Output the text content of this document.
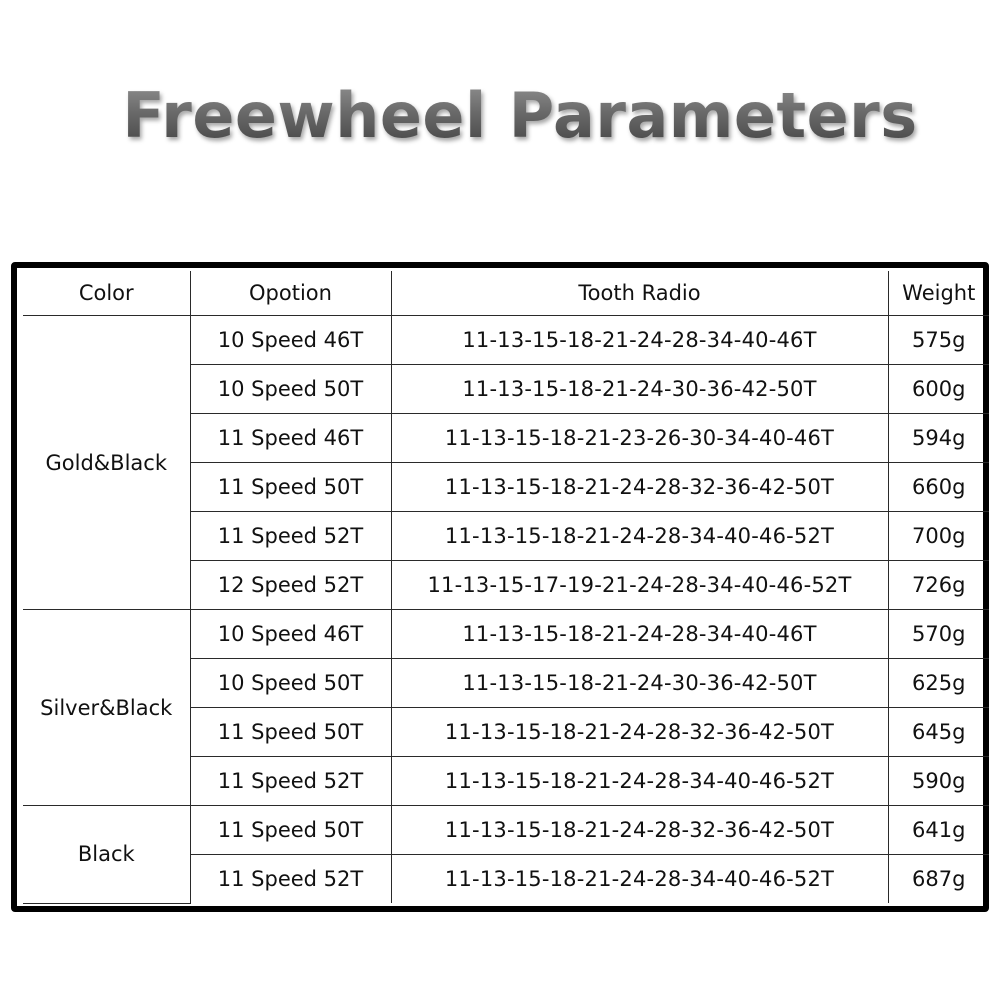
Freewheel Parameters
Color	Opotion	Tooth Radio	Weight
Gold&Black	10 Speed 46T	11-13-15-18-21-24-28-34-40-46T	575g
	10 Speed 50T	11-13-15-18-21-24-30-36-42-50T	600g
	11 Speed 46T	11-13-15-18-21-23-26-30-34-40-46T	594g
	11 Speed 50T	11-13-15-18-21-24-28-32-36-42-50T	660g
	11 Speed 52T	11-13-15-18-21-24-28-34-40-46-52T	700g
	12 Speed 52T	11-13-15-17-19-21-24-28-34-40-46-52T	726g
Silver&Black	10 Speed 46T	11-13-15-18-21-24-28-34-40-46T	570g
	10 Speed 50T	11-13-15-18-21-24-30-36-42-50T	625g
	11 Speed 50T	11-13-15-18-21-24-28-32-36-42-50T	645g
	11 Speed 52T	11-13-15-18-21-24-28-34-40-46-52T	590g
Black	11 Speed 50T	11-13-15-18-21-24-28-32-36-42-50T	641g
	11 Speed 52T	11-13-15-18-21-24-28-34-40-46-52T	687g
